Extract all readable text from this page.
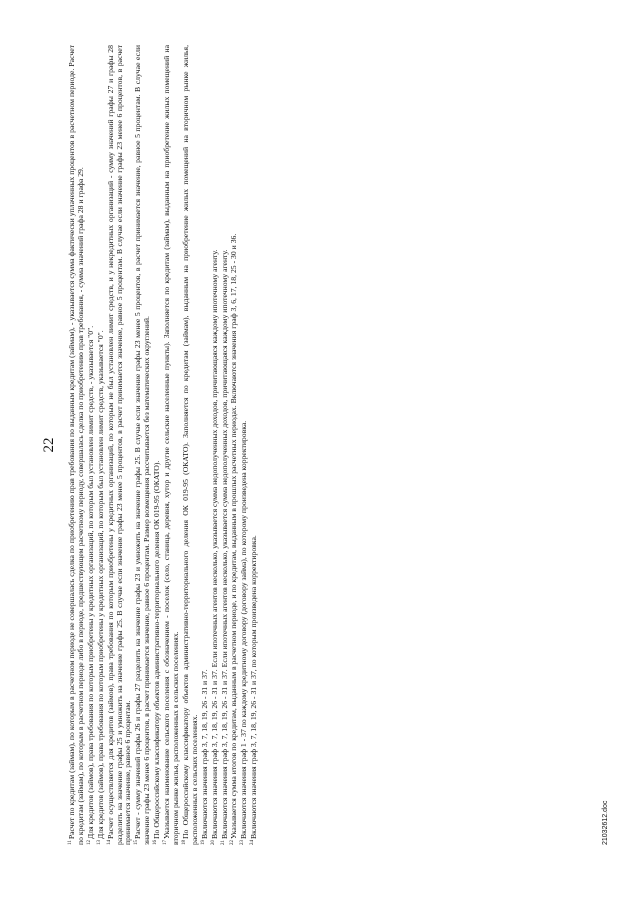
22

$^{11}$Расчет по кредитам (займам), по которым в расчетном периоде не совершалась сделка по приобретению прав требования по выданным кредитам (займам), - указывается сумма фактически уплаченных процентов в расчетном периоде. Расчет по кредитам (займам), по которым в расчетном периоде либо в периоде, предшествующем расчетному периоду, совершалась сделка по приобретению прав требования, - сумма значений графа 28 и графа 29. $^{12}$Для кредитов (займов), права требования по которым приобретены у кредитных организаций, по которым был установлен лимит средств, - указывается "0".

$^{13}$Для кредитов (займов), права требования по которым приобретены у кредитных организаций, по которым был установлен лимит средств, указывается "0".

$^{14}$Расчет осуществляется для кредитов (займов), права требования по которым приобретены у кредитных организаций, по которым не был установлен лимит средств, и у некредитных организаций - сумму значений графы 27 и графы 28 разделить на значение графы 25 и умножить на значение графы 25. В случае если значение графы 23 менее 5 процентов, в расчет принимается значение, равное 5 процентам. В случае если значение графы 23 менее 6 процентов, в расчет принимается значение, равное 6 процентам. $^{15}$Расчет - сумму значений графы 26 и графы 27 разделить на значение графы 23 и умножить на значение графы 25. В случае если значение графы 23 менее 5 процентов, в расчет принимается значение, равное 5 процентам. В случае если значение графы 23 менее 6 процентов, в расчет принимается значение, равное 6 процентам. Размер возмещения рассчитывается без математических округлений. $^{16}$По Общероссийскому классификатору объектов административно-территориального деления ОК 019-95 (ОКАТО).

$^{17}$Указывается наименование сельского поселения с обозначением - поселок (село, станица, деревня, хутор и другие сельские населенные пункты). Заполняется по кредитам (займам), выданным на приобретение жилых помещений на вторичном рынке жилья, расположенных в сельских поселениях. $^{18}$По Общероссийскому классификатору объектов административно-территориального деления ОК 019-95 (ОКАТО). Заполняется по кредитам (займам), выданным на приобретение жилых помещений на вторичном рынке жилья, расположенных в сельских поселениях. $^{19}$Включаются значения граф 3, 7, 18, 19, 26 - 31 и 37.

$^{20}$Включаются значения граф 3, 7, 18, 19, 26 - 31 и 37. Если ипотечных агентов несколько, указывается сумма недополученных доходов, причитающаяся каждому ипотечному агенту.

$^{21}$Включаются значения граф 3, 7, 18, 19, 26 - 31 и 37. Если ипотечных агентов несколько, указывается сумма недополученных доходов, причитающаяся каждому ипотечному агенту.

$^{22}$Указывается сумма итогов по кредитам, выданным в расчетном периоде, и по кредитам, выданным в прошлых расчетных периодах. Включаются значения граф 3, 6, 17, 18, 25 - 30 и 36.

$^{23}$Включаются значения граф 1 - 37 по каждому кредитному договору (договору займа), по которому произведена корректировка.

$^{24}$Включаются значения граф 3, 7, 18, 19, 26 - 31 и 37, по которым произведена корректировка.	21032612.doc
